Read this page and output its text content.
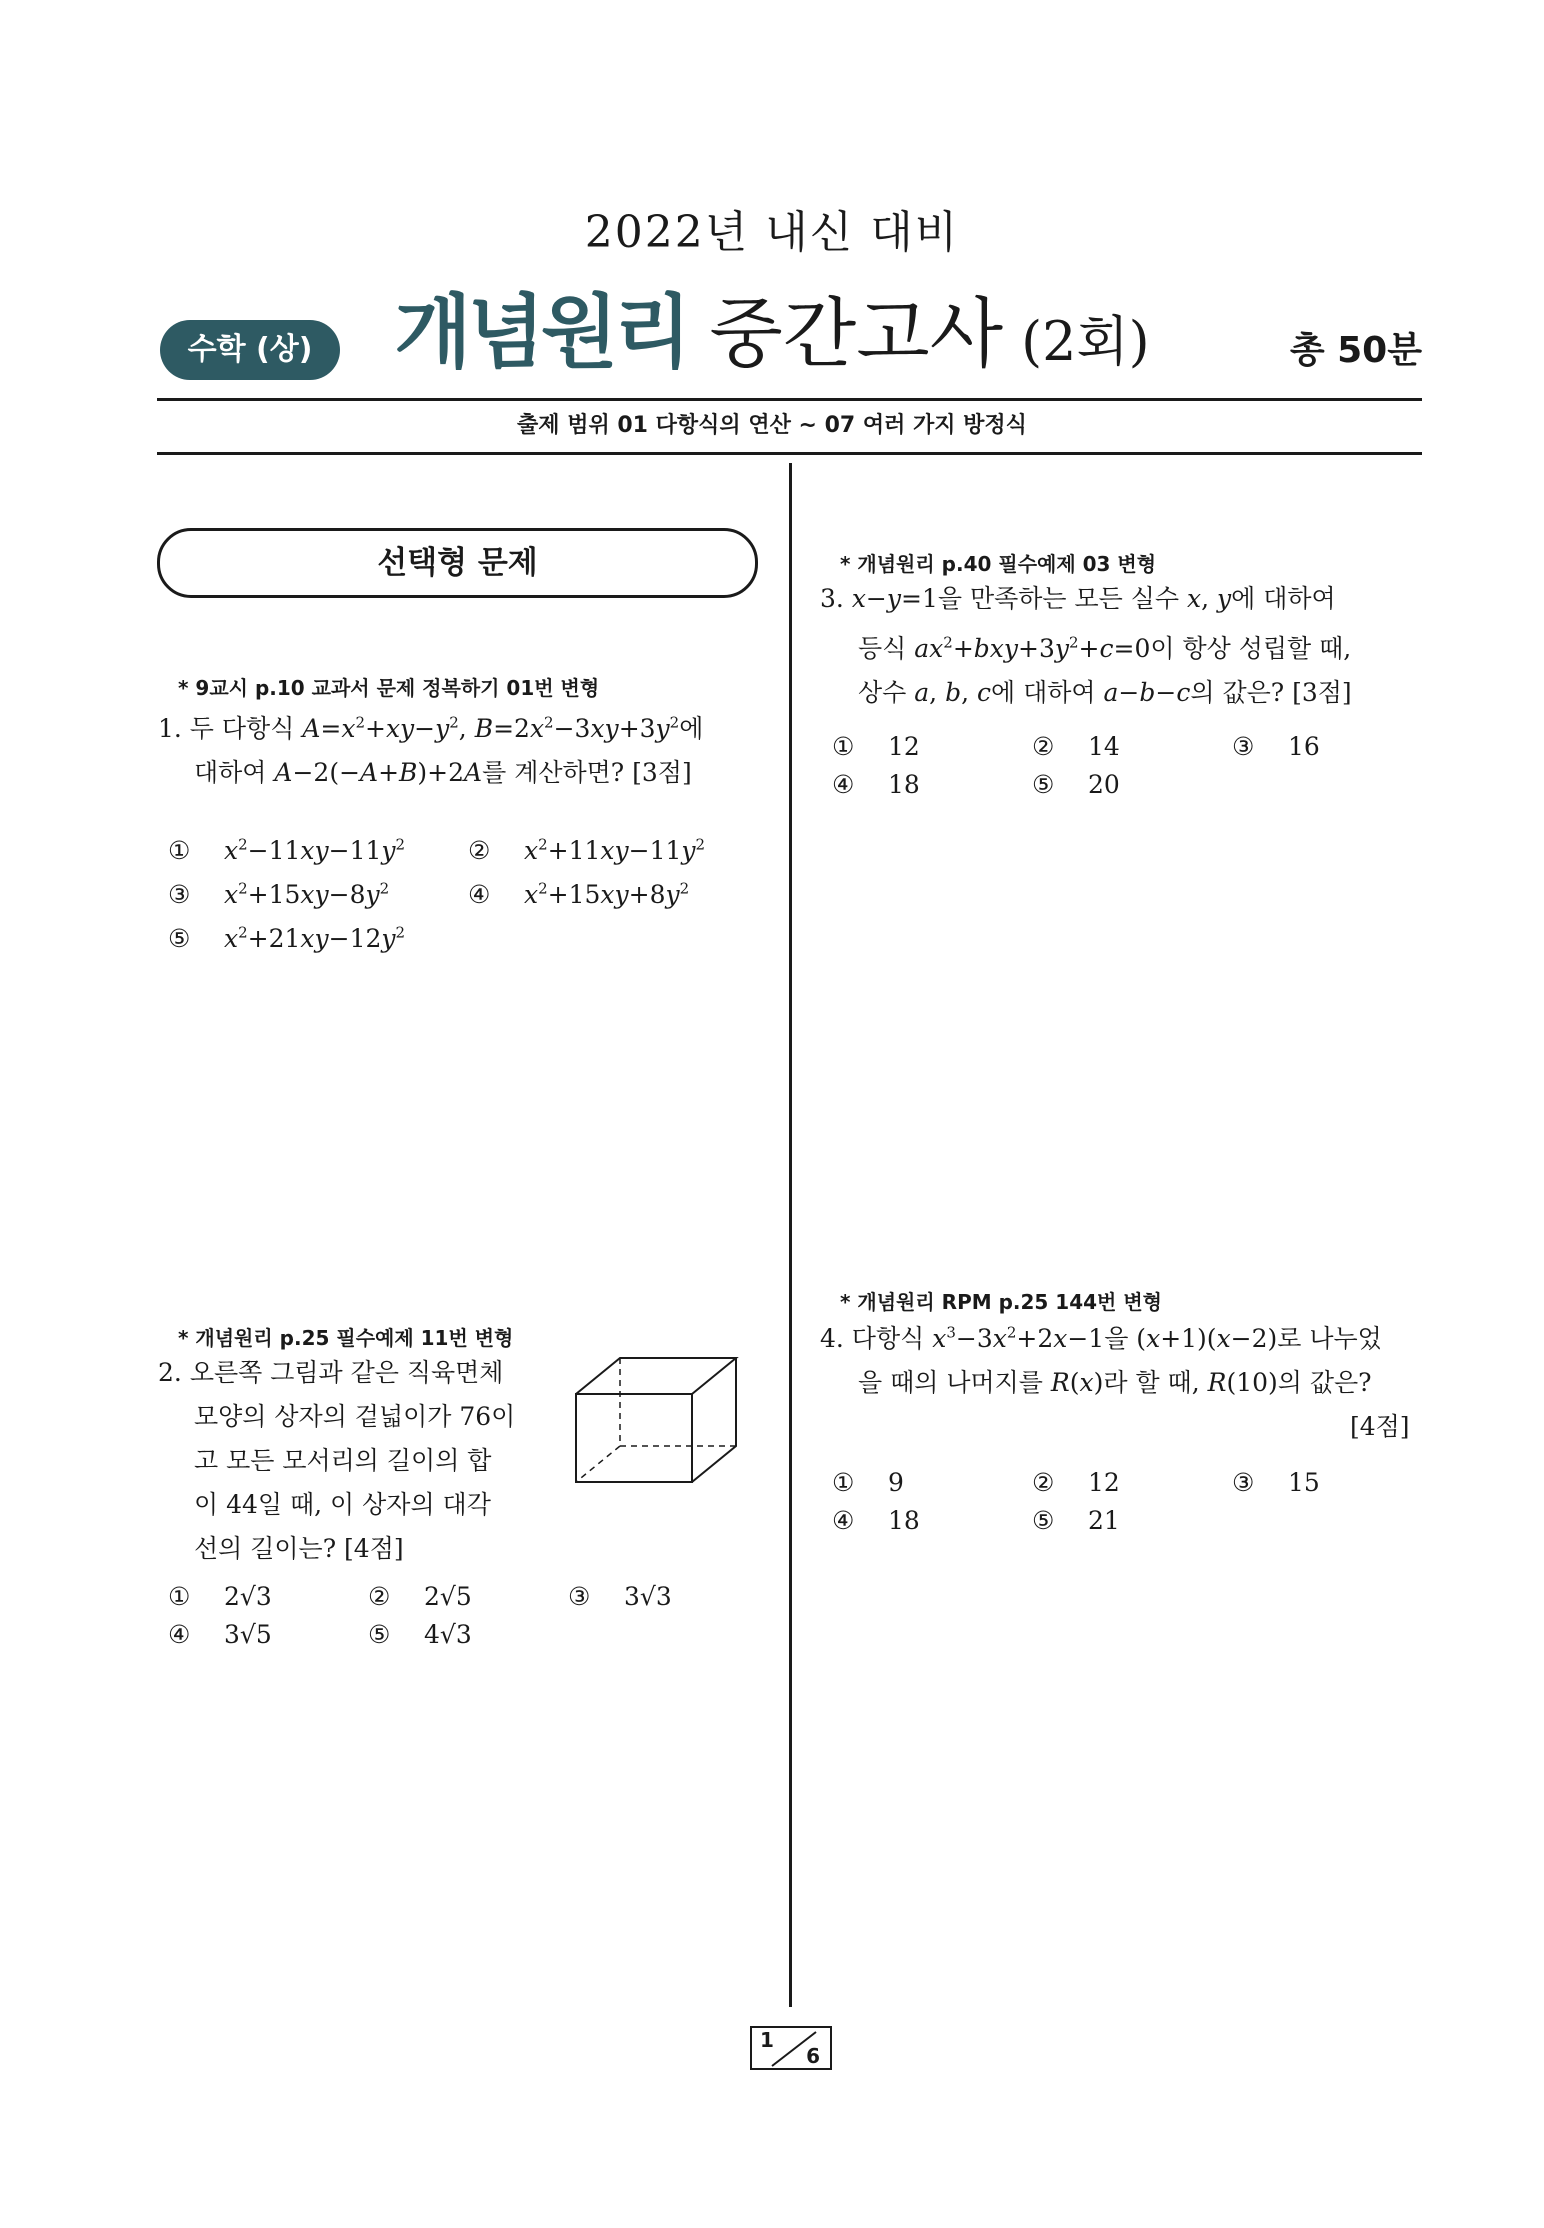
2022년 내신 대비
개념원리 중간고사 (2회)
수학 (상)	총 50분
출제 범위 01 다항식의 연산 ~ 07 여러 가지 방정식
선택형 문제
* 9교시 p.10 교과서 문제 정복하기 01번 변형
1. 두 다항식 $A=x^2+xy-y^2$, $B=2x^2-3xy+3y^2$에
대하여 A−2(−A+B)+2A를 계산하면? [3점]
① $x^2-11xy-11y^2$	② $x^2+11xy-11y^2$
③ $x^2+15xy-8y^2$	④ $x^2+15xy+8y^2$
⑤ $x^2+21xy-12y^2$
* 개념원리 p.25 필수예제 11번 변형
2. 오른쪽 그림과 같은 직육면체
모양의 상자의 겉넓이가 76이
고 모든 모서리의 길이의 합
이 44일 때, 이 상자의 대각
선의 길이는? [4점]
① 2√3	② 2√5	③ 3√3
④ 3√5	⑤ 4√3
* 개념원리 p.40 필수예제 03 변형
3. x−y=1을 만족하는 모든 실수 x, y에 대하여
등식 $ax^2+bxy+3y^2+c=0$이 항상 성립할 때,
상수 a, b, c에 대하여 a−b−c의 값은? [3점]
① 12	② 14	③ 16
④ 18	⑤ 20
* 개념원리 RPM p.25 144번 변형
4. 다항식 $x^3-3x^2+2x-1$을 (x+1)(x−2)로 나누었
을 때의 나머지를 R(x)라 할 때, R(10)의 값은?
[4점]
① 9	② 12	③ 15
④ 18	⑤ 21
1
6
